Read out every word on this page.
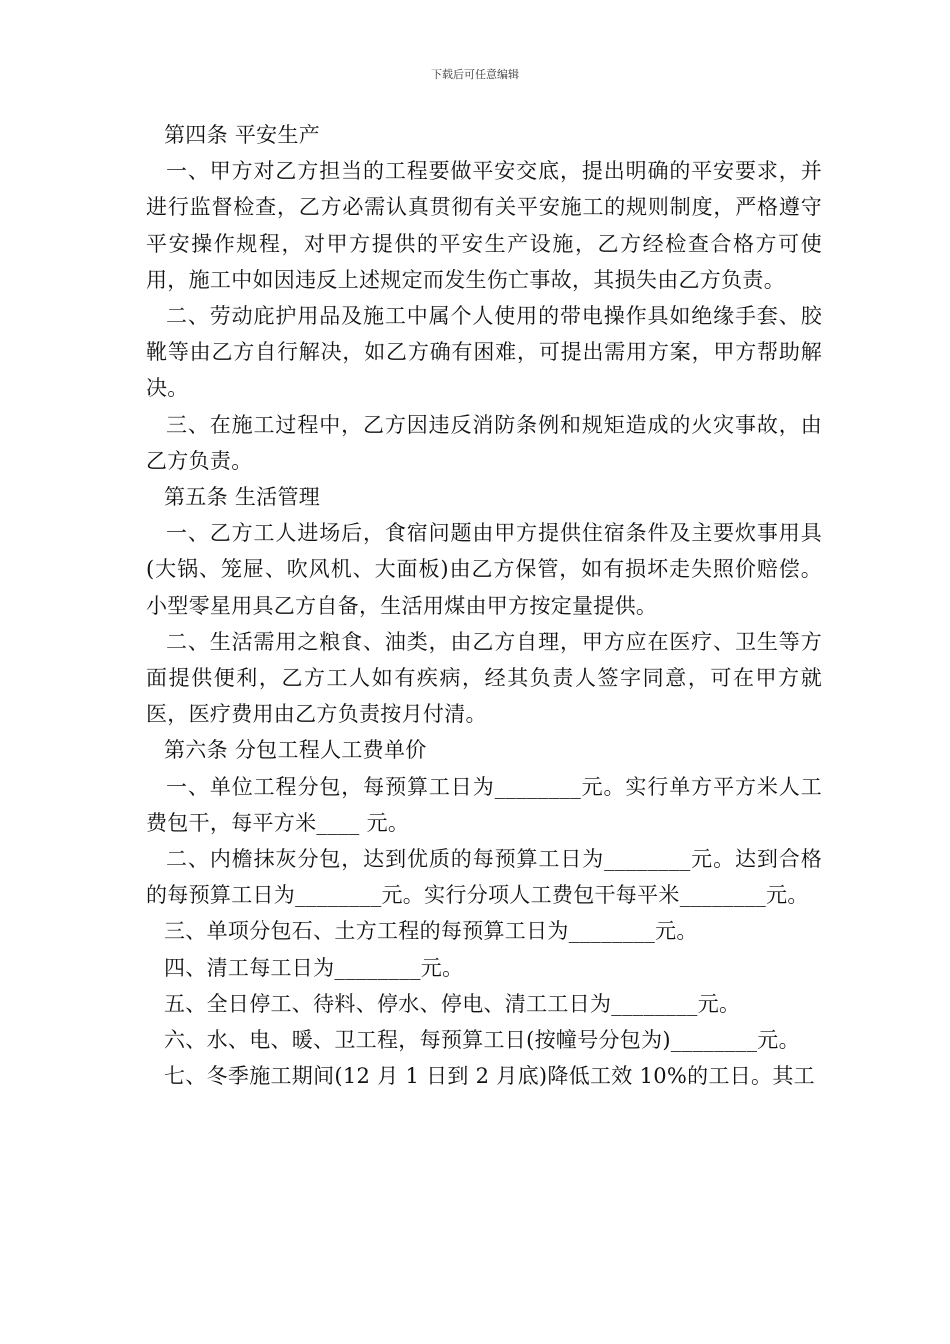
下载后可任意编辑

第四条 平安生产

一、甲方对乙方担当的工程要做平安交底，提出明确的平安要求，并进行监督检查，乙方必需认真贯彻有关平安施工的规则制度，严格遵守平安操作规程，对甲方提供的平安生产设施，乙方经检查合格方可使用，施工中如因违反上述规定而发生伤亡事故，其损失由乙方负责。

二、劳动庇护用品及施工中属个人使用的带电操作具如绝缘手套、胶靴等由乙方自行解决，如乙方确有困难，可提出需用方案，甲方帮助解决。

三、在施工过程中，乙方因违反消防条例和规矩造成的火灾事故，由乙方负责。

第五条 生活管理

一、乙方工人进场后，食宿问题由甲方提供住宿条件及主要炊事用具(大锅、笼屉、吹风机、大面板)由乙方保管，如有损坏走失照价赔偿。小型零星用具乙方自备，生活用煤由甲方按定量提供。

二、生活需用之粮食、油类，由乙方自理，甲方应在医疗、卫生等方面提供便利，乙方工人如有疾病，经其负责人签字同意，可在甲方就医，医疗费用由乙方负责按月付清。

第六条 分包工程人工费单价

一、单位工程分包，每预算工日为________元。实行单方平方米人工费包干，每平方米____ 元。

二、内檐抹灰分包，达到优质的每预算工日为________元。达到合格的每预算工日为________元。实行分项人工费包干每平米________元。

三、单项分包石、土方工程的每预算工日为________元。

四、清工每工日为________元。

五、全日停工、待料、停水、停电、清工工日为________元。

六、水、电、暖、卫工程，每预算工日(按幢号分包为)________元。

七、冬季施工期间(12 月 1 日到 2 月底)降低工效 10%的工日。其工
